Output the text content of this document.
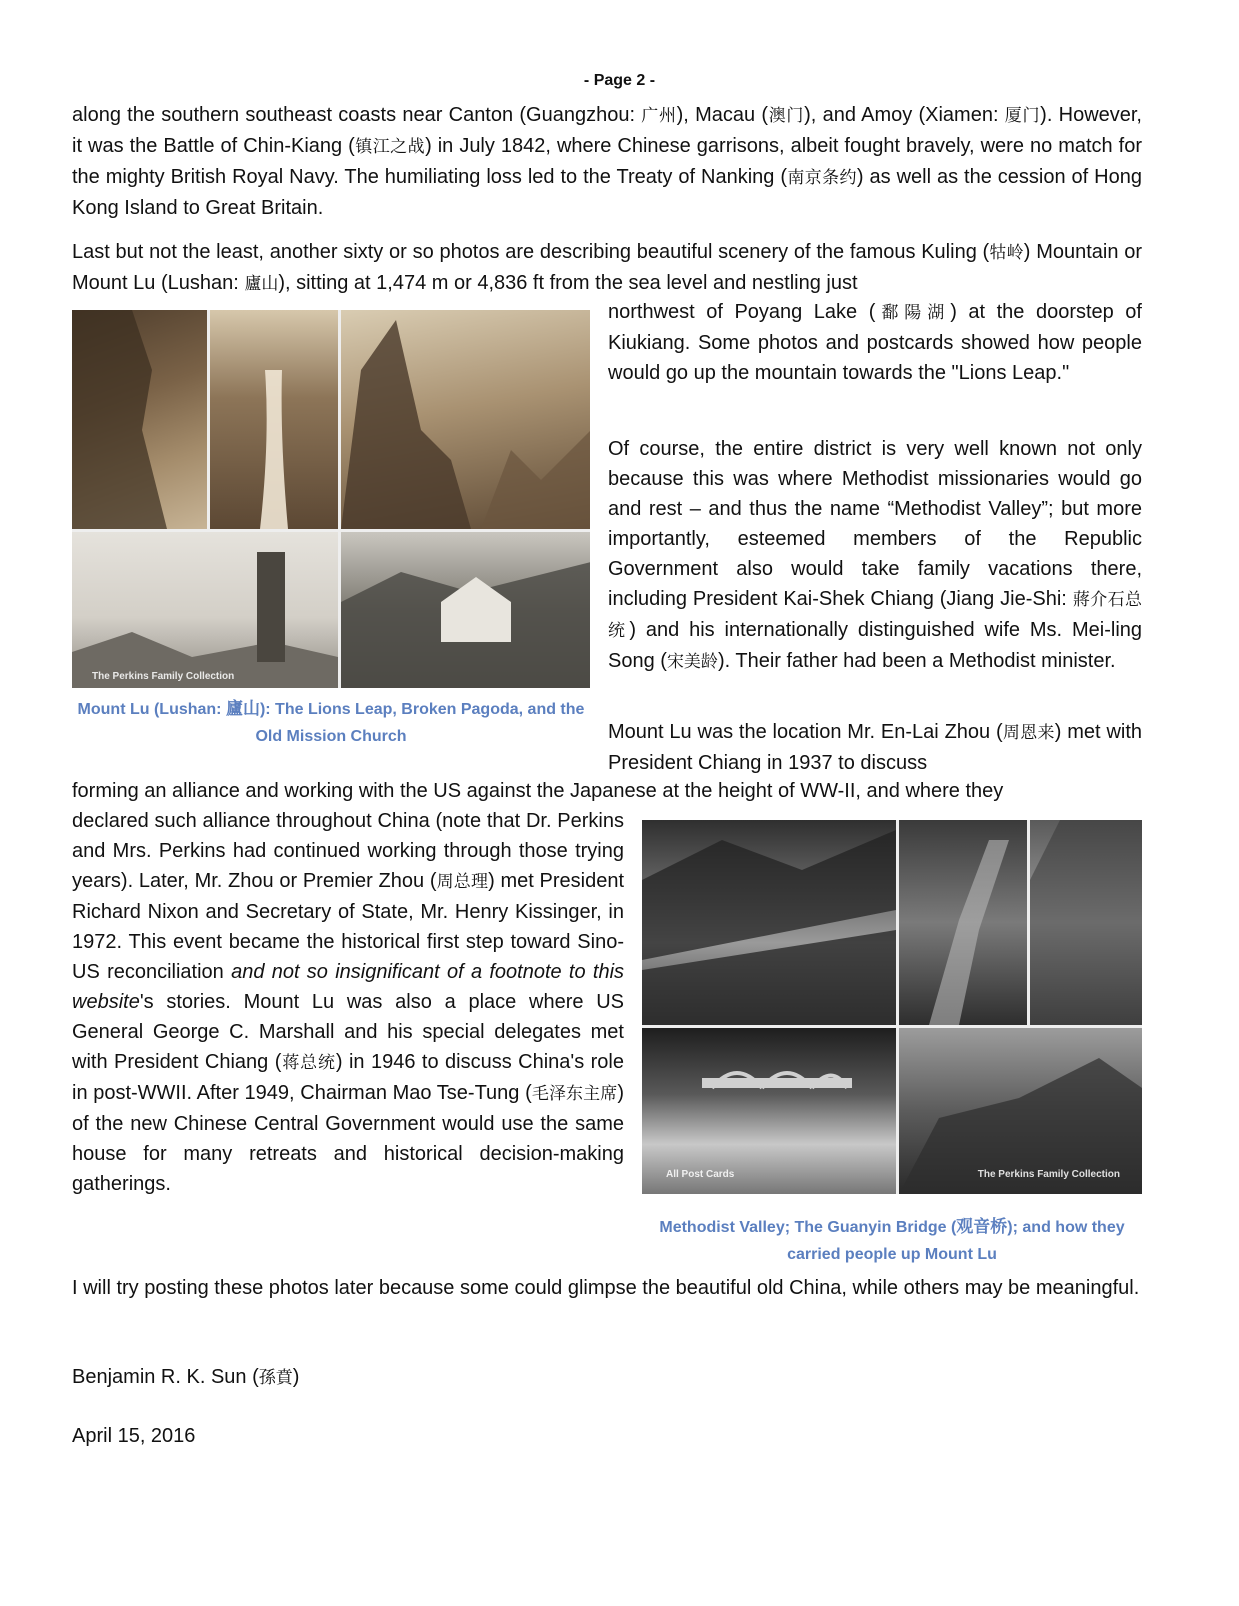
- Page 2 -

along the southern southeast coasts near Canton (Guangzhou: 广州), Macau (澳门), and Amoy (Xiamen: 厦门). However, it was the Battle of Chin-Kiang (镇江之战) in July 1842, where Chinese garrisons, albeit fought bravely, were no match for the mighty British Royal Navy. The humiliating loss led to the Treaty of Nanking (南京条约) as well as the cession of Hong Kong Island to Great Britain.

Last but not the least, another sixty or so photos are describing beautiful scenery of the famous Kuling (牯岭) Mountain or Mount Lu (Lushan: 廬山), sitting at 1,474 m or 4,836 ft from the sea level and nestling just

The Perkins Family Collection
Mount Lu (Lushan: 廬山): The Lions Leap, Broken Pagoda, and the Old Mission Church

northwest of Poyang Lake (鄱陽湖) at the doorstep of Kiukiang. Some photos and postcards showed how people would go up the mountain towards the "Lions Leap."

Of course, the entire district is very well known not only because this was where Methodist missionaries would go and rest – and thus the name “Methodist Valley”; but more importantly, esteemed members of the Republic Government also would take family vacations there, including President Kai-Shek Chiang (Jiang Jie-Shi: 蔣介石总统) and his internationally distinguished wife Ms. Mei-ling Song (宋美龄). Their father had been a Methodist minister.

Mount Lu was the location Mr. En-Lai Zhou (周恩来) met with President Chiang in 1937 to discuss

forming an alliance and working with the US against the Japanese at the height of WW-II, and where they

declared such alliance throughout China (note that Dr. Perkins and Mrs. Perkins had continued working through those trying years). Later, Mr. Zhou or Premier Zhou (周总理) met President Richard Nixon and Secretary of State, Mr. Henry Kissinger, in 1972. This event became the historical first step toward Sino-US reconciliation and not so insignificant of a footnote to this website's stories. Mount Lu was also a place where US General George C. Marshall and his special delegates met with President Chiang (蒋总统) in 1946 to discuss China's role in post-WWII. After 1949, Chairman Mao Tse-Tung (毛泽东主席) of the new Chinese Central Government would use the same house for many retreats and historical decision-making gatherings.	All Post Cards	The Perkins Family Collection
Methodist Valley; The Guanyin Bridge (观音桥); and how they carried people up Mount Lu

I will try posting these photos later because some could glimpse the beautiful old China, while others may be meaningful.

Benjamin R. K. Sun (孫賁)
April 15, 2016
